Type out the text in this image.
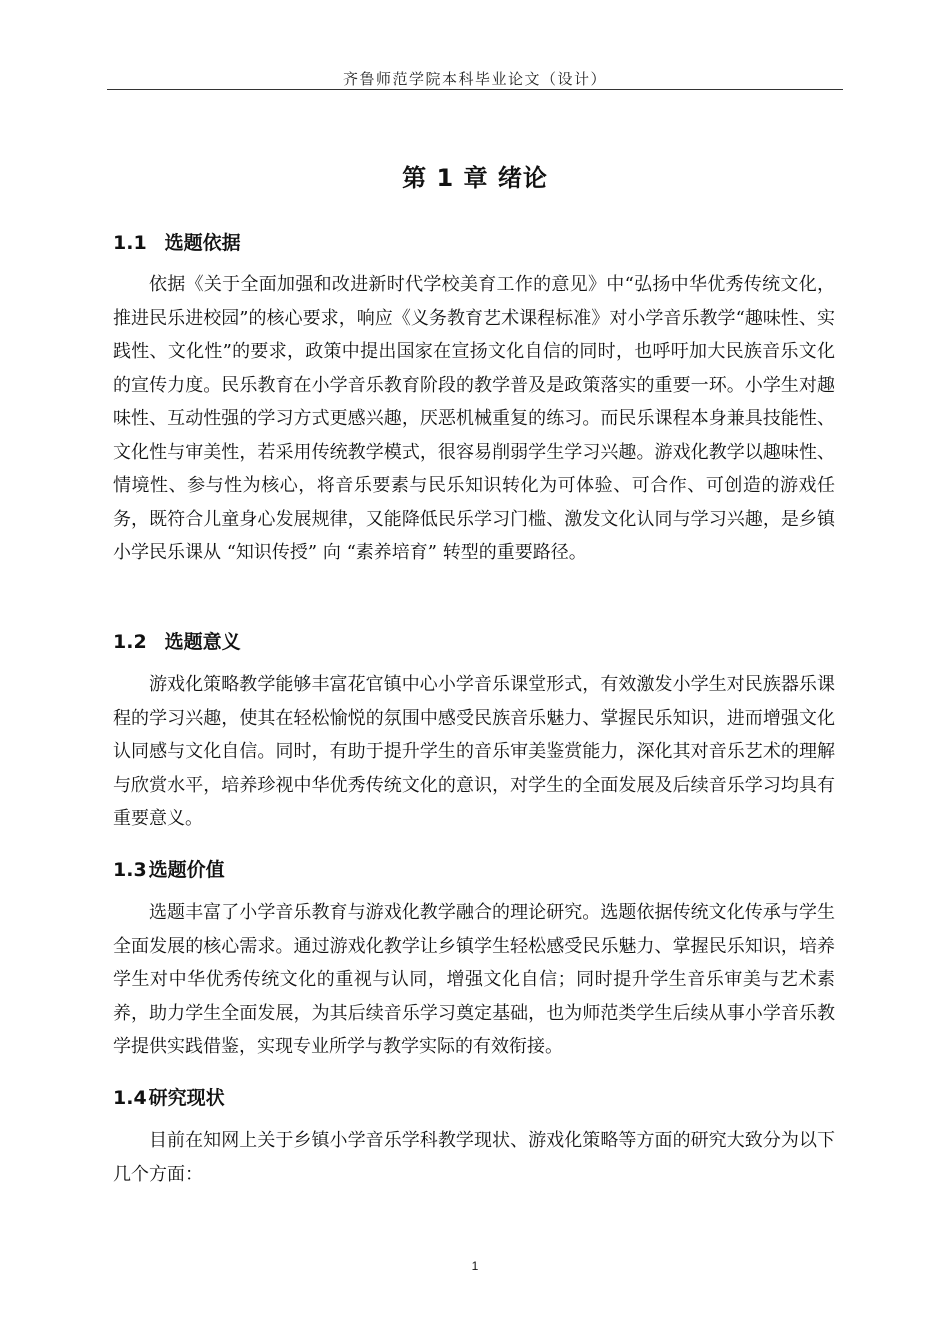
齐鲁师范学院本科毕业论文（设计）
第 1 章 绪论
1.1 选题依据

依据《关于全面加强和改进新时代学校美育工作的意见》中“弘扬中华优秀传统文化，推进民乐进校园”的核心要求，响应《义务教育艺术课程标准》对小学音乐教学“趣味性、实践性、文化性”的要求，政策中提出国家在宣扬文化自信的同时，也呼吁加大民族音乐文化的宣传力度。民乐教育在小学音乐教育阶段的教学普及是政策落实的重要一环。小学生对趣味性、互动性强的学习方式更感兴趣，厌恶机械重复的练习。而民乐课程本身兼具技能性、文化性与审美性，若采用传统教学模式，很容易削弱学生学习兴趣。游戏化教学以趣味性、情境性、参与性为核心，将音乐要素与民乐知识转化为可体验、可合作、可创造的游戏任务，既符合儿童身心发展规律，又能降低民乐学习门槛、激发文化认同与学习兴趣，是乡镇小学民乐课从 “知识传授” 向 “素养培育” 转型的重要路径。

1.2 选题意义

游戏化策略教学能够丰富花官镇中心小学音乐课堂形式，有效激发小学生对民族器乐课程的学习兴趣，使其在轻松愉悦的氛围中感受民族音乐魅力、掌握民乐知识，进而增强文化认同感与文化自信。同时，有助于提升学生的音乐审美鉴赏能力，深化其对音乐艺术的理解与欣赏水平，培养珍视中华优秀传统文化的意识，对学生的全面发展及后续音乐学习均具有重要意义。

1.3 选题价值

选题丰富了小学音乐教育与游戏化教学融合的理论研究。选题依据传统文化传承与学生全面发展的核心需求。通过游戏化教学让乡镇学生轻松感受民乐魅力、掌握民乐知识，培养学生对中华优秀传统文化的重视与认同，增强文化自信；同时提升学生音乐审美与艺术素养，助力学生全面发展，为其后续音乐学习奠定基础，也为师范类学生后续从事小学音乐教学提供实践借鉴，实现专业所学与教学实际的有效衔接。

1.4 研究现状

目前在知网上关于乡镇小学音乐学科教学现状、游戏化策略等方面的研究大致分为以下几个方面：

1
